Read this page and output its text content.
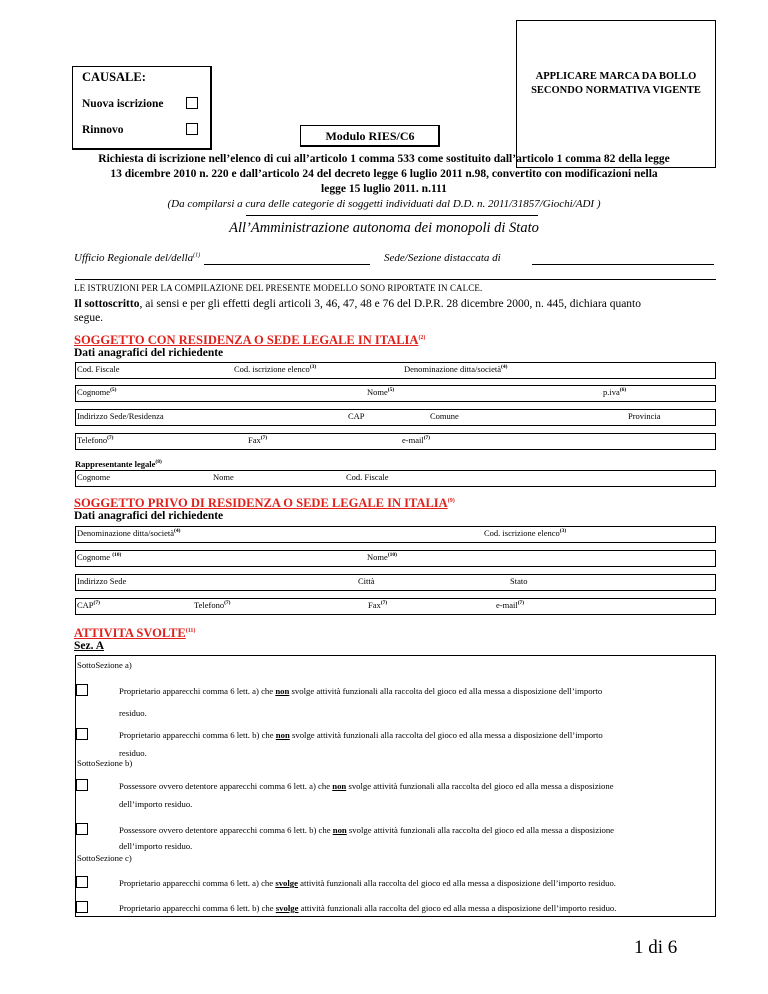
APPLICARE MARCA DA BOLLO SECONDO NORMATIVA VIGENTE
CAUSALE:
Nuova iscrizione
Rinnovo	Modulo RIES/C6
Richiesta di iscrizione nell’elenco di cui all’articolo 1 comma 533 come sostituito dall’articolo 1 comma 82 della legge
13 dicembre 2010 n. 220 e dall’articolo 24 del decreto legge 6 luglio 2011 n.98, convertito con modificazioni nella
legge 15 luglio 2011. n.111
(Da compilarsi a cura delle categorie di soggetti individuati dal D.D. n. 2011/31857/Giochi/ADI )
All’Amministrazione autonoma dei monopoli di Stato
Ufficio Regionale del/della$^{(1)}$	Sede/Sezione distaccata di
LE ISTRUZIONI PER LA COMPILAZIONE DEL PRESENTE MODELLO SONO RIPORTATE IN CALCE.
Il sottoscritto, ai sensi e per gli effetti degli articoli 3, 46, 47, 48 e 76 del D.P.R. 28 dicembre 2000, n. 445, dichiara quanto
segue.
SOGGETTO CON RESIDENZA O SEDE LEGALE IN ITALIA$^{(2)}$
Dati anagrafici del richiedente
Cod. Fiscale	Cod. iscrizione elenco$^{(3)}$	Denominazione ditta/società$^{(4)}$
Cognome$^{(5)}$	Nome$^{(5)}$	p.iva$^{(6)}$
Indirizzo Sede/Residenza	CAP	Comune	Provincia
Telefono$^{(7)}$	Fax$^{(7)}$	e-mail$^{(7)}$
Rappresentante legale$^{(8)}$
Cognome	Nome	Cod. Fiscale
SOGGETTO PRIVO DI RESIDENZA O SEDE LEGALE IN ITALIA$^{(9)}$
Dati anagrafici del richiedente
Denominazione ditta/società$^{(4)}$	Cod. iscrizione elenco$^{(3)}$
Cognome $^{(10)}$	Nome$^{(10)}$
Indirizzo Sede	Città	Stato
CAP$^{(7)}$	Telefono$^{(7)}$	Fax$^{(7)}$	e-mail$^{(7)}$
ATTIVITA SVOLTE$^{(11)}$
Sez. A
SottoSezione a)
Proprietario apparecchi comma 6 lett. a) che non svolge attività funzionali alla raccolta del gioco ed alla messa a disposizione dell’importo
residuo.
Proprietario apparecchi comma 6 lett. b) che non svolge attività funzionali alla raccolta del gioco ed alla messa a disposizione dell’importo
residuo.
SottoSezione b)
Possessore ovvero detentore apparecchi comma 6 lett. a) che non svolge attività funzionali alla raccolta del gioco ed alla messa a disposizione
dell’importo residuo.
Possessore ovvero detentore apparecchi comma 6 lett. b) che non svolge attività funzionali alla raccolta del gioco ed alla messa a disposizione
dell’importo residuo.
SottoSezione c)
Proprietario apparecchi comma 6 lett. a) che svolge attività funzionali alla raccolta del gioco ed alla messa a disposizione dell’importo residuo.
Proprietario apparecchi comma 6 lett. b) che svolge attività funzionali alla raccolta del gioco ed alla messa a disposizione dell’importo residuo.
1 di 6
